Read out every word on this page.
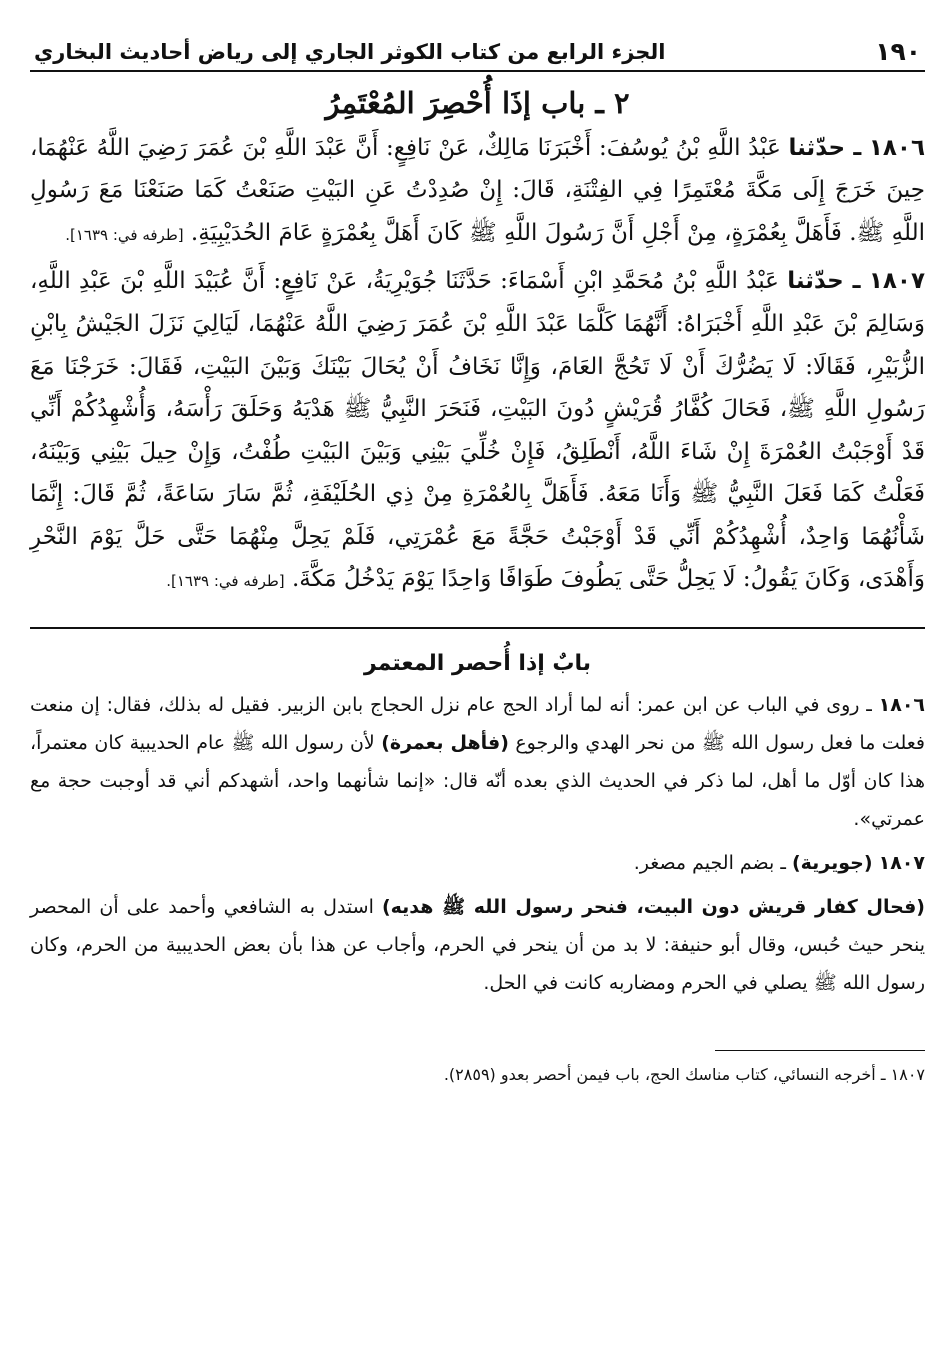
١٩٠
الجزء الرابع من كتاب الكوثر الجاري إلى رياض أحاديث البخاري
٢ ـ باب إذَا أُحْصِرَ المُعْتَمِرُ

١٨٠٦ ـ حدّثنا عَبْدُ اللَّهِ بْنُ يُوسُفَ: أَخْبَرَنَا مَالِكٌ، عَنْ نَافِعٍ: أَنَّ عَبْدَ اللَّهِ بْنَ عُمَرَ رَضِيَ اللَّهُ عَنْهُمَا، حِينَ خَرَجَ إِلَى مَكَّةَ مُعْتَمِرًا فِي الفِتْنَةِ، قَالَ: إِنْ صُدِدْتُ عَنِ البَيْتِ صَنَعْتُ كَمَا صَنَعْنَا مَعَ رَسُولِ اللَّهِ ﷺ. فَأَهَلَّ بِعُمْرَةٍ، مِنْ أَجْلِ أَنَّ رَسُولَ اللَّهِ ﷺ كَانَ أَهَلَّ بِعُمْرَةٍ عَامَ الحُدَيْبِيَةِ. [طرفه في: ١٦٣٩].

١٨٠٧ ـ حدّثنا عَبْدُ اللَّهِ بْنُ مُحَمَّدِ ابْنِ أَسْمَاءَ: حَدَّثَنَا جُوَيْرِيَةُ، عَنْ نَافِعٍ: أَنَّ عُبَيْدَ اللَّهِ بْنَ عَبْدِ اللَّهِ، وَسَالِمَ بْنَ عَبْدِ اللَّهِ أَخْبَرَاهُ: أَنَّهُمَا كَلَّمَا عَبْدَ اللَّهِ بْنَ عُمَرَ رَضِيَ اللَّهُ عَنْهُمَا، لَيَالِيَ نَزَلَ الجَيْشُ بِابْنِ الزُّبَيْرِ، فَقَالَا: لَا يَضُرُّكَ أَنْ لَا تَحُجَّ العَامَ، وَإِنَّا نَخَافُ أَنْ يُحَالَ بَيْنَكَ وَبَيْنَ البَيْتِ، فَقَالَ: خَرَجْنَا مَعَ رَسُولِ اللَّهِ ﷺ، فَحَالَ كُفَّارُ قُرَيْشٍ دُونَ البَيْتِ، فَنَحَرَ النَّبِيُّ ﷺ هَدْيَهُ وَحَلَقَ رَأْسَهُ، وَأُشْهِدُكُمْ أَنِّي قَدْ أَوْجَبْتُ العُمْرَةَ إِنْ شَاءَ اللَّهُ، أَنْطَلِقُ، فَإِنْ خُلِّيَ بَيْنِي وَبَيْنَ البَيْتِ طُفْتُ، وَإِنْ حِيلَ بَيْنِي وَبَيْنَهُ، فَعَلْتُ كَمَا فَعَلَ النَّبِيُّ ﷺ وَأَنَا مَعَهُ. فَأَهَلَّ بِالعُمْرَةِ مِنْ ذِي الحُلَيْفَةِ، ثُمَّ سَارَ سَاعَةً، ثُمَّ قَالَ: إِنَّمَا شَأْنُهُمَا وَاحِدٌ، أُشْهِدُكُمْ أَنِّي قَدْ أَوْجَبْتُ حَجَّةً مَعَ عُمْرَتِي، فَلَمْ يَحِلَّ مِنْهُمَا حَتَّى حَلَّ يَوْمَ النَّحْرِ وَأَهْدَى، وَكَانَ يَقُولُ: لَا يَحِلُّ حَتَّى يَطُوفَ طَوَافًا وَاحِدًا يَوْمَ يَدْخُلُ مَكَّةَ. [طرفه في: ١٦٣٩].

بابٌ إذا أُحصر المعتمر

١٨٠٦ ـ روى في الباب عن ابن عمر: أنه لما أراد الحج عام نزل الحجاج بابن الزبير. فقيل له بذلك، فقال: إن منعت فعلت ما فعل رسول الله ﷺ من نحر الهدي والرجوع (فأهل بعمرة) لأن رسول الله ﷺ عام الحديبية كان معتمراً، هذا كان أوّل ما أهل، لما ذكر في الحديث الذي بعده أنّه قال: «إنما شأنهما واحد، أشهدكم أني قد أوجبت حجة مع عمرتي».

١٨٠٧ (جويرية) ـ بضم الجيم مصغر.

(فحال كفار قريش دون البيت، فنحر رسول الله ﷺ هديه) استدل به الشافعي وأحمد على أن المحصر ينحر حيث حُبس، وقال أبو حنيفة: لا بد من أن ينحر في الحرم، وأجاب عن هذا بأن بعض الحديبية من الحرم، وكان رسول الله ﷺ يصلي في الحرم ومضاربه كانت في الحل.

١٨٠٧ ـ أخرجه النسائي، كتاب مناسك الحج، باب فيمن أحصر بعدو (٢٨٥٩).
